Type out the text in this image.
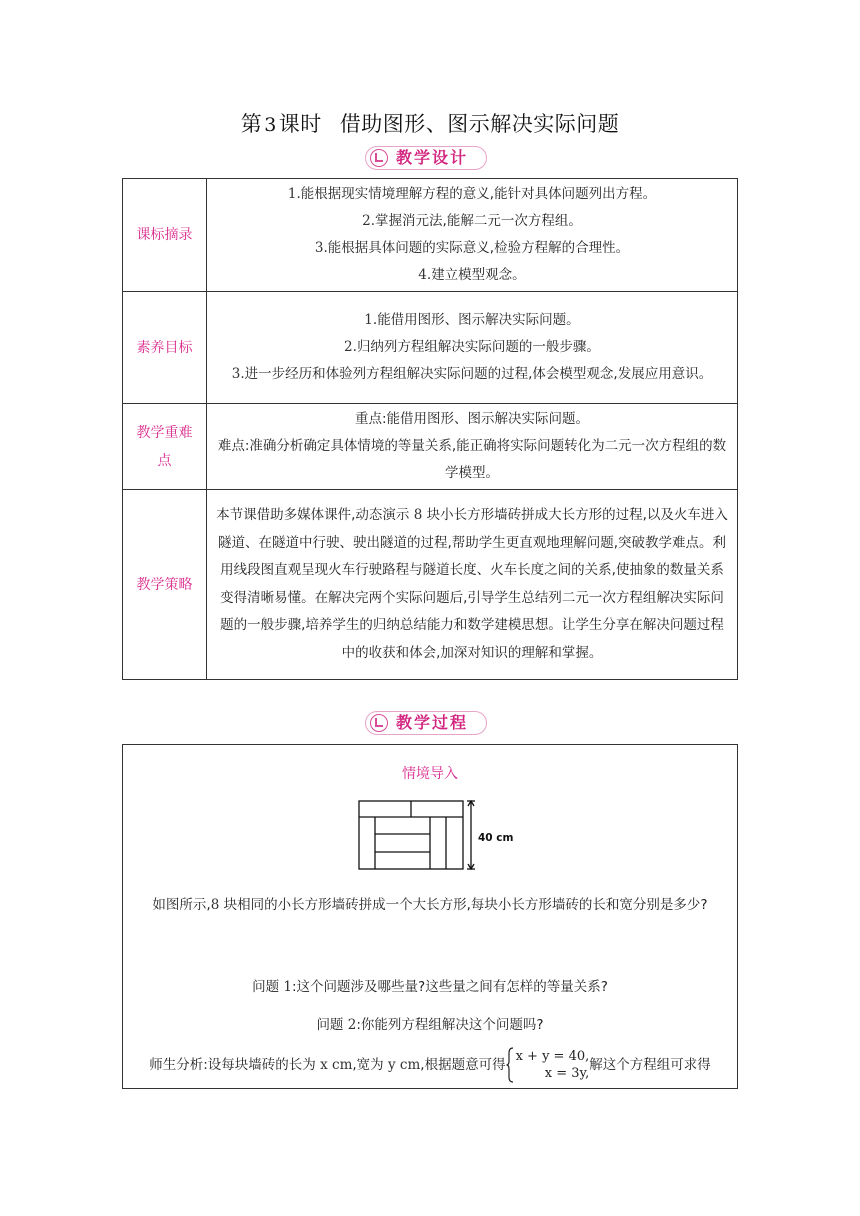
第 3课时 借助图形、图示解决实际问题
教学设计
课标摘录	1.能根据现实情境理解方程的意义,能针对具体问题列出方程。
2.掌握消元法,能解二元一次方程组。
3.能根据具体问题的实际意义,检验方程解的合理性。
4.建立模型观念。

素养目标	1.能借用图形、图示解决实际问题。
2.归纳列方程组解决实际问题的一般步骤。
3.进一步经历和体验列方程组解决实际问题的过程,体会模型观念,发展应用意识。

教学重难点	重点:能借用图形、图示解决实际问题。
难点:准确分析确定具体情境的等量关系,能正确将实际问题转化为二元一次方程组的数学模型。

教学策略	本节课借助多媒体课件,动态演示 8 块小长方形墙砖拼成大长方形的过程,以及火车进入隧道、在隧道中行驶、驶出隧道的过程,帮助学生更直观地理解问题,突破教学难点。利用线段图直观呈现火车行驶路程与隧道长度、火车长度之间的关系,使抽象的数量关系变得清晰易懂。在解决完两个实际问题后,引导学生总结列二元一次方程组解决实际问题的一般步骤,培养学生的归纳总结能力和数学建模思想。让学生分享在解决问题过程中的收获和体会,加深对知识的理解和掌握。
教学过程
情境导入
40 cm
如图所示,8 块相同的小长方形墙砖拼成一个大长方形,每块小长方形墙砖的长和宽分别是多少?
问题 1:这个问题涉及哪些量?这些量之间有怎样的等量关系?
问题 2:你能列方程组解决这个问题吗?
师生分析:设每块墙砖的长为 x cm,宽为 y cm,根据题意可得
x + y = 40,
x = 3y,
解这个方程组可求得
